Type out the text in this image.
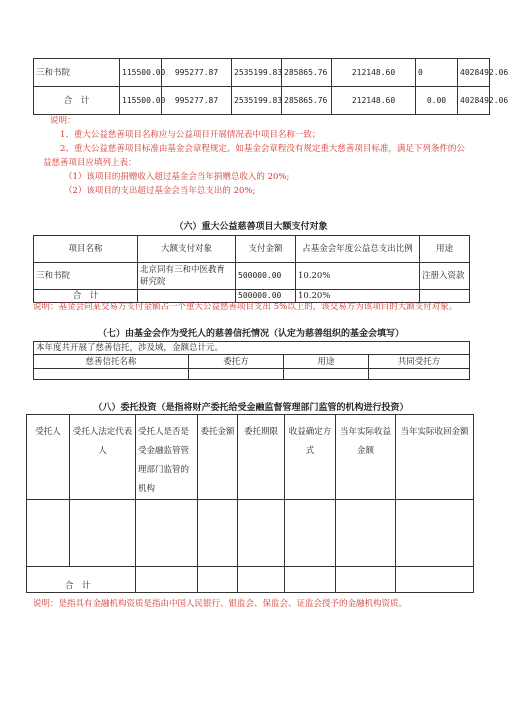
三和书院	115500.00	995277.87	2535199.83	285865.76	212148.60	0	4028492.06
合　计	115500.00	995277.87	2535199.83	285865.76	212148.60	0.00	4028492.06
说明：
1、重大公益慈善项目名称应与公益项目开展情况表中项目名称一致；
2、重大公益慈善项目标准由基金会章程规定。如基金会章程没有规定重大慈善项目标准，满足下列条件的公益慈善项目应填列上表：
（1）该项目的捐赠收入超过基金会当年捐赠总收入的 20%;
（2）该项目的支出超过基金会当年总支出的 20%;
（六）重大公益慈善项目大额支付对象
项目名称	大额支付对象	支付金额	占基金会年度公益总支出比例	用途
三和书院	北京同有三和中医教育研究院	500000.00	10.20%	注册入资款
合　计		500000.00	10.20%	
说明：基金会向某交易方支付金额占一个重大公益慈善项目支出 5%以上的，该交易方为该项目的大额支付对象。
（七）由基金会作为受托人的慈善信托情况（认定为慈善组织的基金会填写）
本年度共开展了慈善信托，涉及域，金额总计元。			
慈善信托名称	委托方	用途	共同受托方

（八）委托投资（是指将财产委托给受金融监督管理部门监管的机构进行投资）
受托人	受托人法定代表人	受托人是否是受金融监管管理部门监管的机构	委托金额	委托期限	收益确定方式	当年实际收益金额	当年实际收回金额

合　计							
说明：是指具有金融机构资质是指由中国人民银行、银监会、保监会、证监会授予的金融机构资质。
